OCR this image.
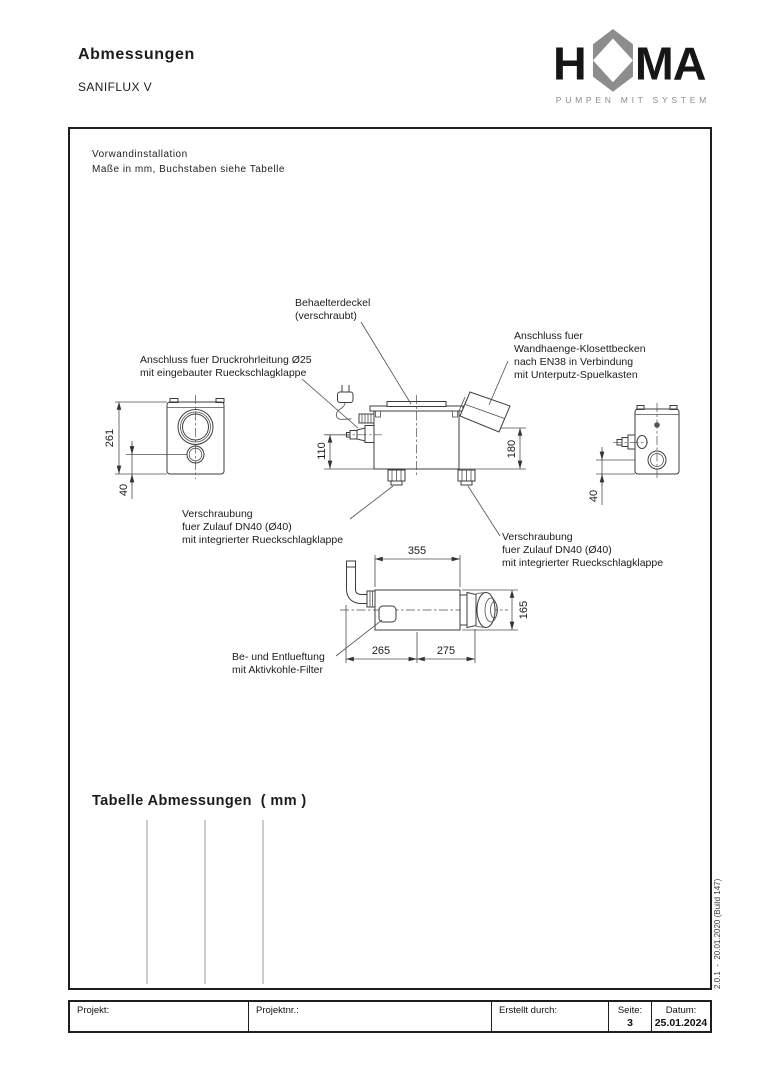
Abmessungen
SANIFLUX V	H MA
PUMPEN MIT SYSTEM
Vorwandinstallation
Maße in mm, Buchstaben siehe Tabelle
Tabelle Abmessungen  ( mm )
261
40
110	180
40
355
165
265	275
Behaelterdeckel
(verschraubt)
Anschluss fuer Druckrohrleitung Ø25
mit eingebauter Rueckschlagklappe
Anschluss fuer
Wandhaenge-Klosettbecken
nach EN38 in Verbindung
mit Unterputz-Spuelkasten
Verschraubung
fuer Zulauf DN40 (Ø40)
mit integrierter Rueckschlagklappe	Verschraubung
fuer Zulauf DN40 (Ø40)
mit integrierter Rueckschlagklappe
Be- und Entlueftung
mit Aktivkohle-Filter
2.0.1  -  20.01.2020 (Build 147)
Projekt:	Projektnr.:	Erstellt durch:	Seite:
3
Datum:
25.01.2024
